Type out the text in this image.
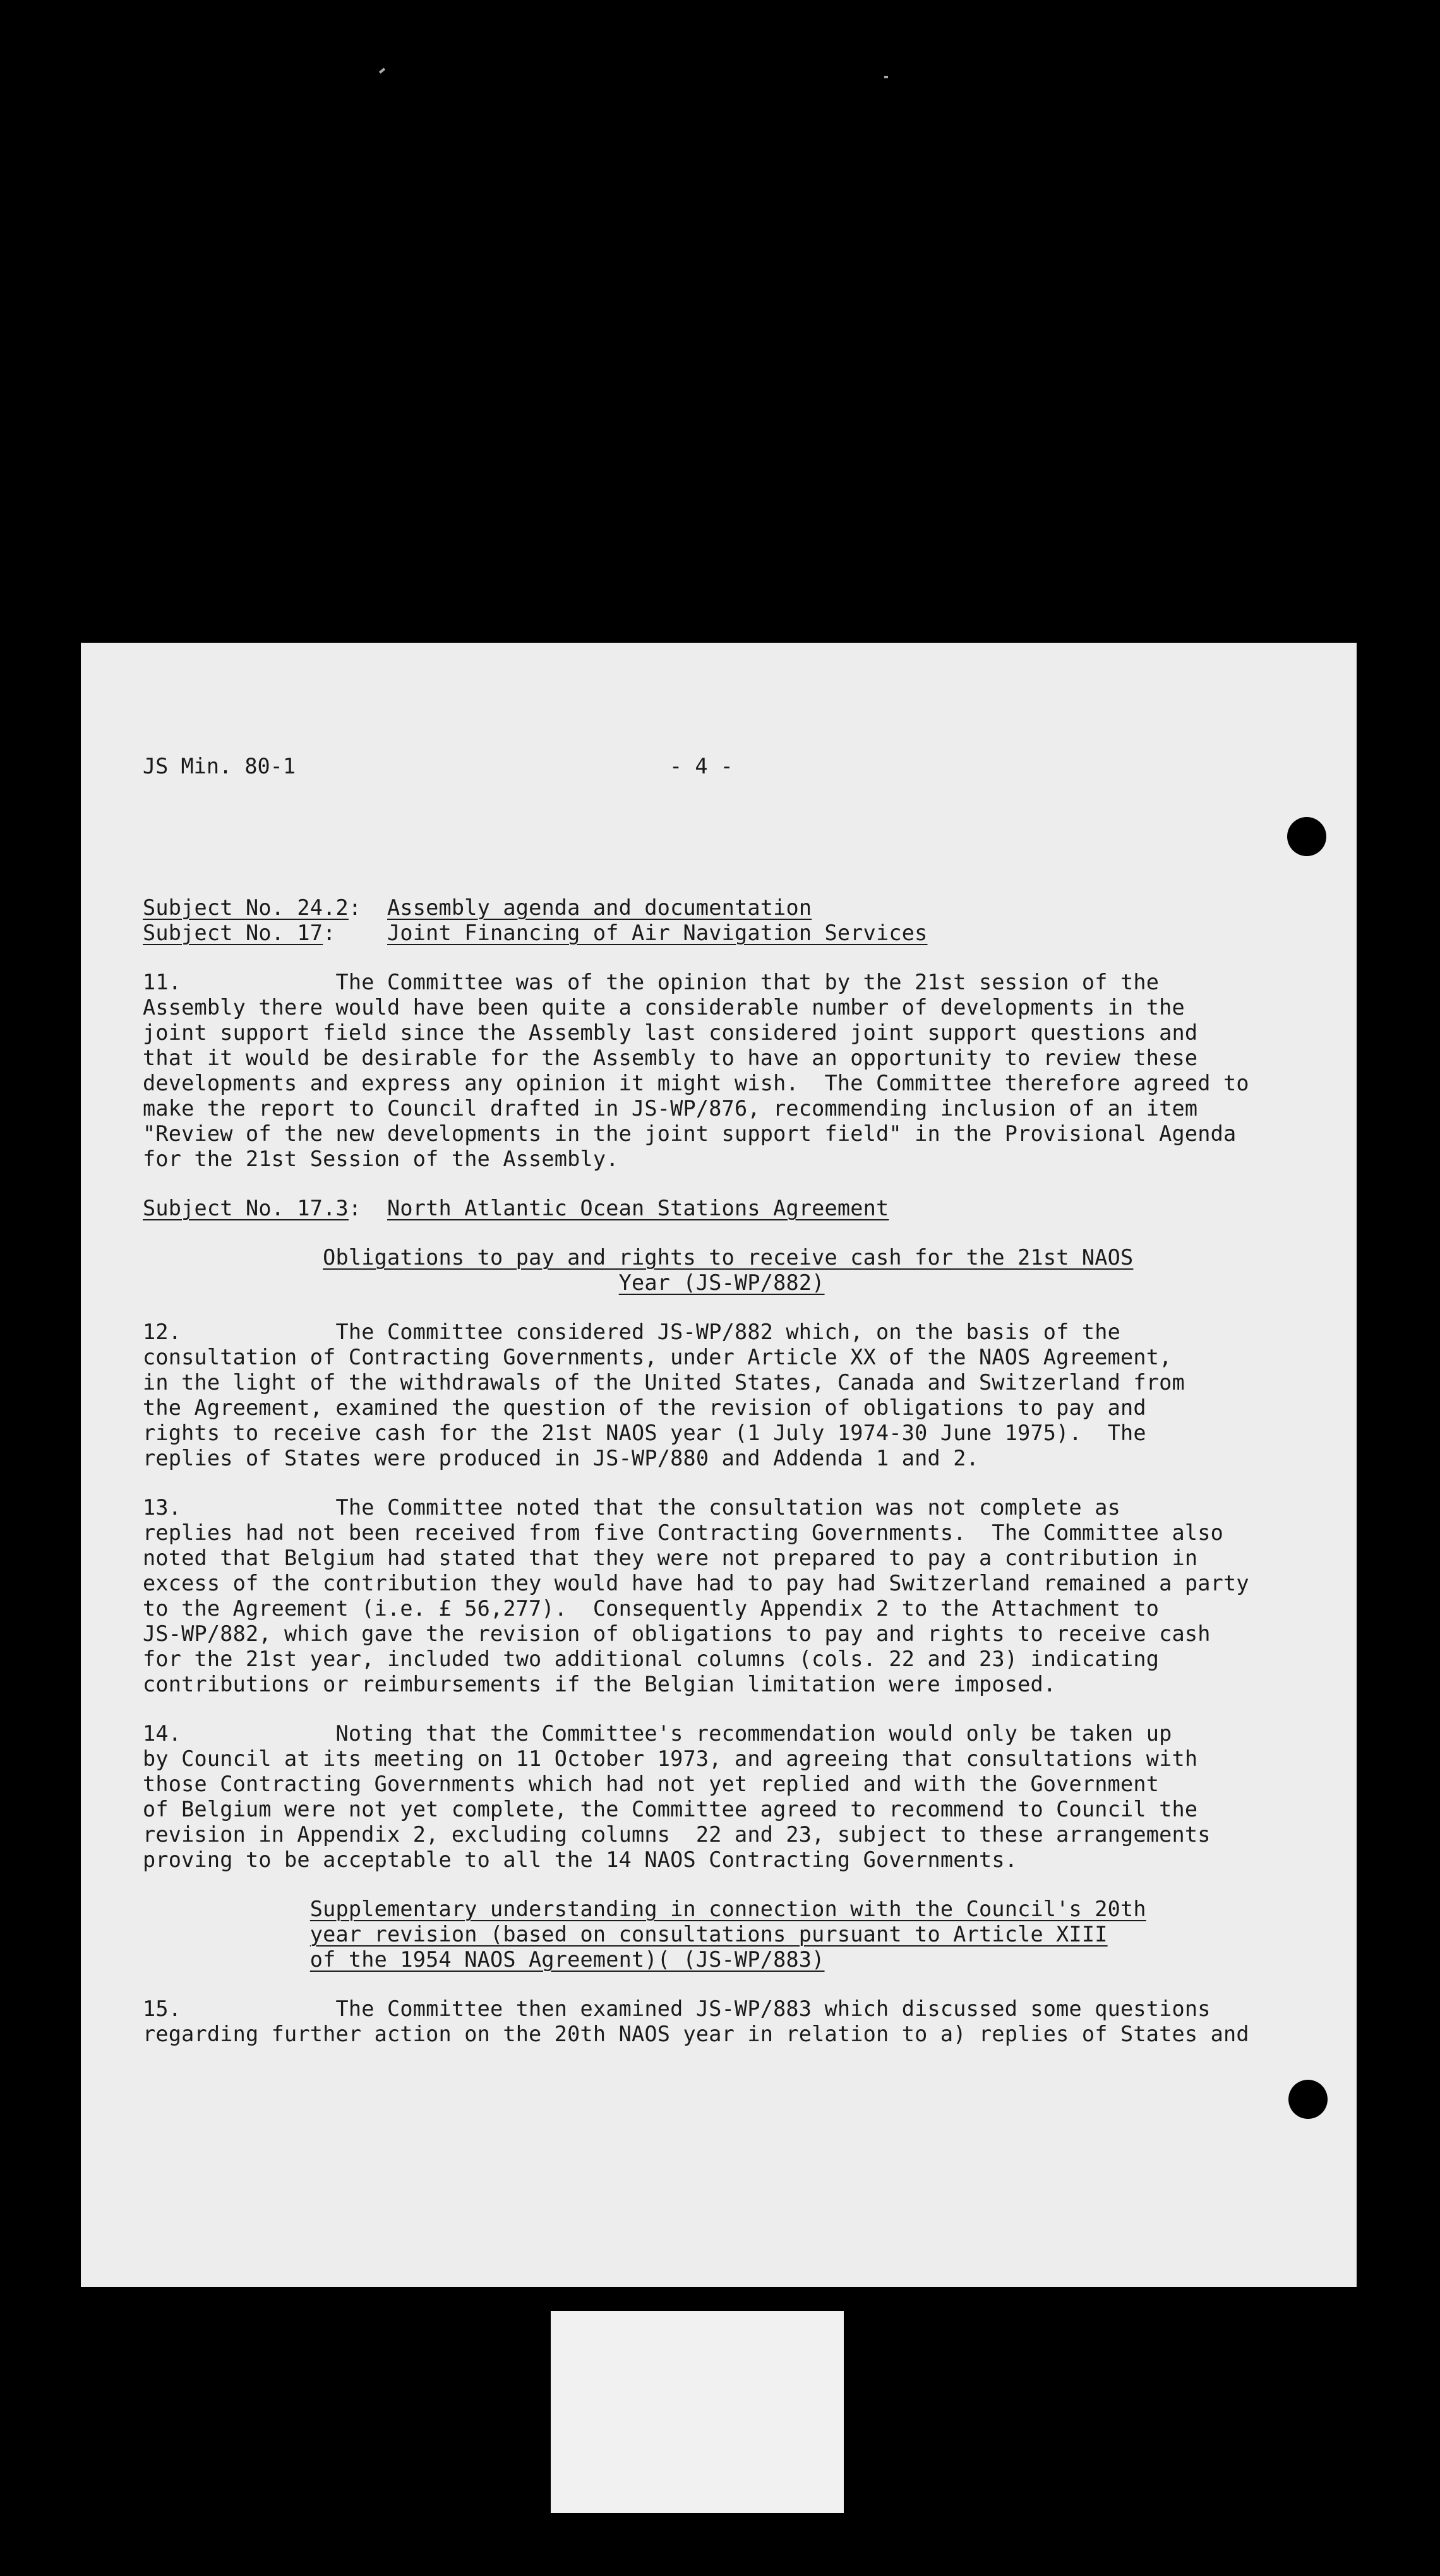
JS Min. 80-1	- 4 -
Subject No. 24.2:  Assembly agenda and documentation
Subject No. 17:    Joint Financing of Air Navigation Services
11.            The Committee was of the opinion that by the 21st session of the
Assembly there would have been quite a considerable number of developments in the
joint support field since the Assembly last considered joint support questions and
that it would be desirable for the Assembly to have an opportunity to review these
developments and express any opinion it might wish.  The Committee therefore agreed to
make the report to Council drafted in JS-WP/876, recommending inclusion of an item
"Review of the new developments in the joint support field" in the Provisional Agenda
for the 21st Session of the Assembly.
Subject No. 17.3:  North Atlantic Ocean Stations Agreement
Obligations to pay and rights to receive cash for the 21st NAOS
Year (JS-WP/882)
12.            The Committee considered JS-WP/882 which, on the basis of the
consultation of Contracting Governments, under Article XX of the NAOS Agreement,
in the light of the withdrawals of the United States, Canada and Switzerland from
the Agreement, examined the question of the revision of obligations to pay and
rights to receive cash for the 21st NAOS year (1 July 1974-30 June 1975).  The
replies of States were produced in JS-WP/880 and Addenda 1 and 2.
13.            The Committee noted that the consultation was not complete as
replies had not been received from five Contracting Governments.  The Committee also
noted that Belgium had stated that they were not prepared to pay a contribution in
excess of the contribution they would have had to pay had Switzerland remained a party
to the Agreement (i.e. £ 56,277).  Consequently Appendix 2 to the Attachment to
JS-WP/882, which gave the revision of obligations to pay and rights to receive cash
for the 21st year, included two additional columns (cols. 22 and 23) indicating
contributions or reimbursements if the Belgian limitation were imposed.
14.            Noting that the Committee's recommendation would only be taken up
by Council at its meeting on 11 October 1973, and agreeing that consultations with
those Contracting Governments which had not yet replied and with the Government
of Belgium were not yet complete, the Committee agreed to recommend to Council the
revision in Appendix 2, excluding columns  22 and 23, subject to these arrangements
proving to be acceptable to all the 14 NAOS Contracting Governments.
Supplementary understanding in connection with the Council's 20th
year revision (based on consultations pursuant to Article XIII
of the 1954 NAOS Agreement)( (JS-WP/883)
15.            The Committee then examined JS-WP/883 which discussed some questions
regarding further action on the 20th NAOS year in relation to a) replies of States and
